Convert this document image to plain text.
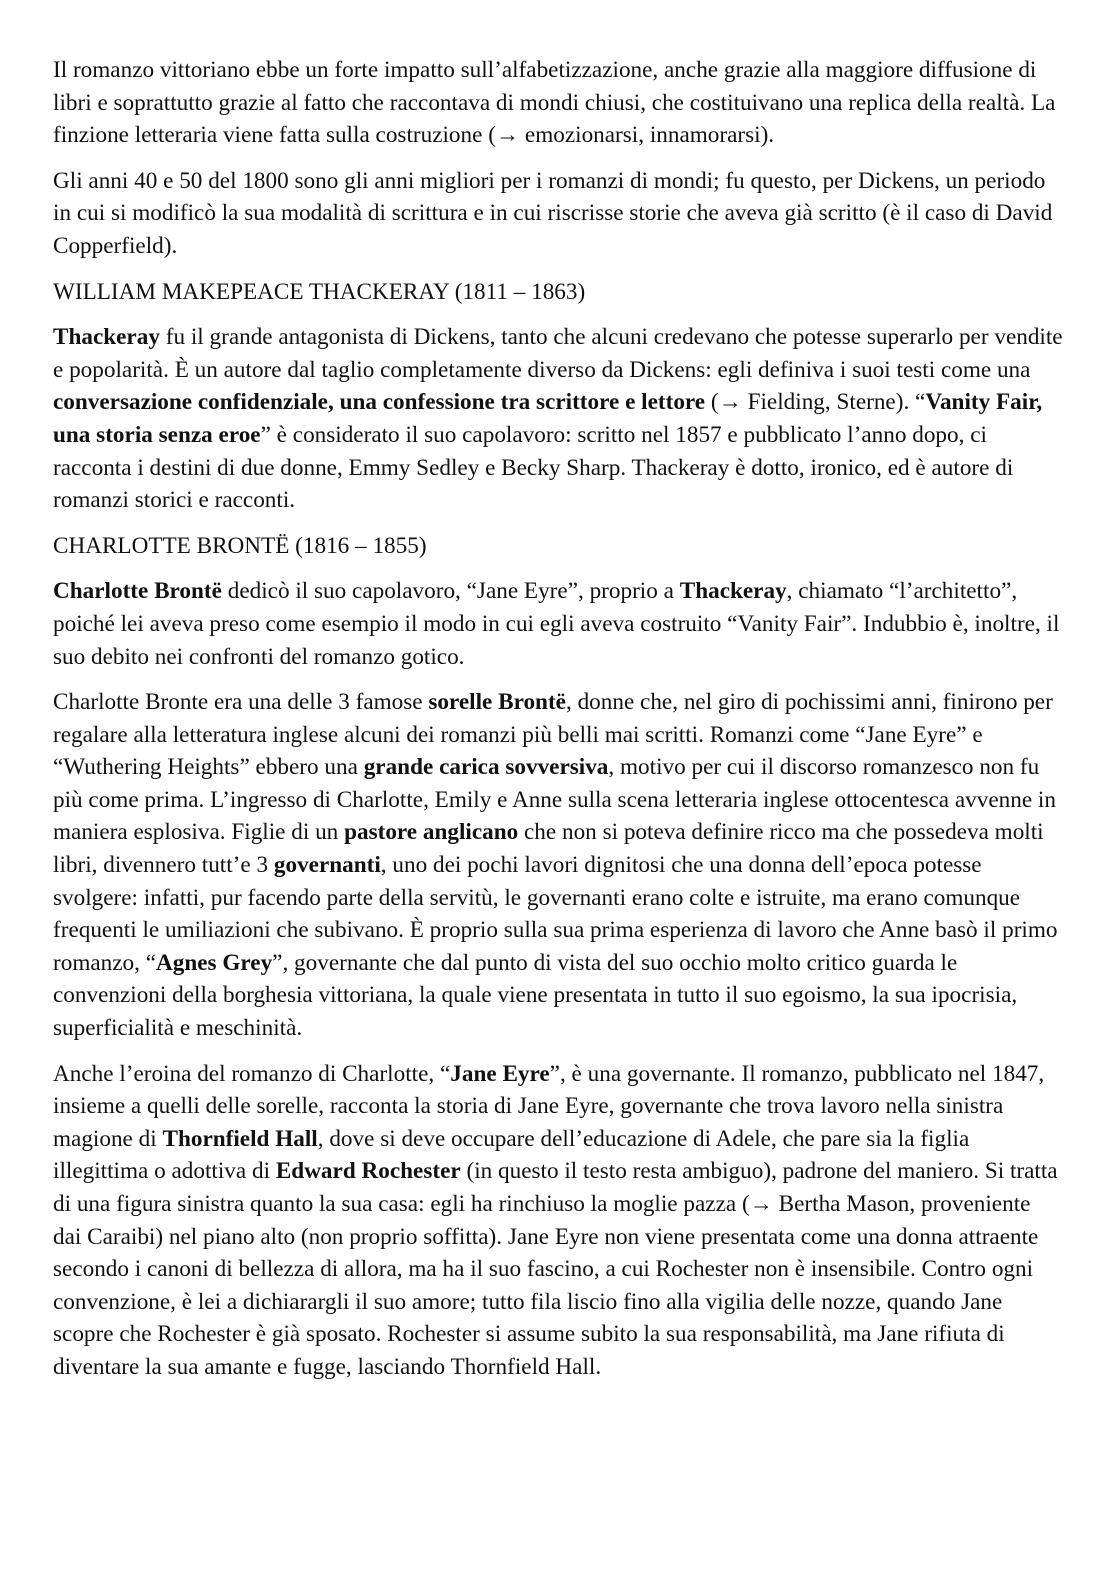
Il romanzo vittoriano ebbe un forte impatto sull’alfabetizzazione, anche grazie alla maggiore diffusione di libri e soprattutto grazie al fatto che raccontava di mondi chiusi, che costituivano una replica della realtà. La finzione letteraria viene fatta sulla costruzione (→ emozionarsi, innamorarsi).

Gli anni 40 e 50 del 1800 sono gli anni migliori per i romanzi di mondi; fu questo, per Dickens, un periodo in cui si modificò la sua modalità di scrittura e in cui riscrisse storie che aveva già scritto (è il caso di David Copperfield).

WILLIAM MAKEPEACE THACKERAY (1811 – 1863)

Thackeray fu il grande antagonista di Dickens, tanto che alcuni credevano che potesse superarlo per vendite e popolarità. È un autore dal taglio completamente diverso da Dickens: egli definiva i suoi testi come una conversazione confidenziale, una confessione tra scrittore e lettore (→ Fielding, Sterne). “Vanity Fair, una storia senza eroe” è considerato il suo capolavoro: scritto nel 1857 e pubblicato l’anno dopo, ci racconta i destini di due donne, Emmy Sedley e Becky Sharp. Thackeray è dotto, ironico, ed è autore di romanzi storici e racconti.

CHARLOTTE BRONTË (1816 – 1855)

Charlotte Brontë dedicò il suo capolavoro, “Jane Eyre”, proprio a Thackeray, chiamato “l’architetto”, poiché lei aveva preso come esempio il modo in cui egli aveva costruito “Vanity Fair”. Indubbio è, inoltre, il suo debito nei confronti del romanzo gotico.

Charlotte Bronte era una delle 3 famose sorelle Brontë, donne che, nel giro di pochissimi anni, finirono per regalare alla letteratura inglese alcuni dei romanzi più belli mai scritti. Romanzi come “Jane Eyre” e “Wuthering Heights” ebbero una grande carica sovversiva, motivo per cui il discorso romanzesco non fu più come prima. L’ingresso di Charlotte, Emily e Anne sulla scena letteraria inglese ottocentesca avvenne in maniera esplosiva. Figlie di un pastore anglicano che non si poteva definire ricco ma che possedeva molti libri, divennero tutt’e 3 governanti, uno dei pochi lavori dignitosi che una donna dell’epoca potesse svolgere: infatti, pur facendo parte della servitù, le governanti erano colte e istruite, ma erano comunque frequenti le umiliazioni che subivano. È proprio sulla sua prima esperienza di lavoro che Anne basò il primo romanzo, “Agnes Grey”, governante che dal punto di vista del suo occhio molto critico guarda le convenzioni della borghesia vittoriana, la quale viene presentata in tutto il suo egoismo, la sua ipocrisia, superficialità e meschinità.

Anche l’eroina del romanzo di Charlotte, “Jane Eyre”, è una governante. Il romanzo, pubblicato nel 1847, insieme a quelli delle sorelle, racconta la storia di Jane Eyre, governante che trova lavoro nella sinistra magione di Thornfield Hall, dove si deve occupare dell’educazione di Adele, che pare sia la figlia illegittima o adottiva di Edward Rochester (in questo il testo resta ambiguo), padrone del maniero. Si tratta di una figura sinistra quanto la sua casa: egli ha rinchiuso la moglie pazza (→ Bertha Mason, proveniente dai Caraibi) nel piano alto (non proprio soffitta). Jane Eyre non viene presentata come una donna attraente secondo i canoni di bellezza di allora, ma ha il suo fascino, a cui Rochester non è insensibile. Contro ogni convenzione, è lei a dichiarargli il suo amore; tutto fila liscio fino alla vigilia delle nozze, quando Jane scopre che Rochester è già sposato. Rochester si assume subito la sua responsabilità, ma Jane rifiuta di diventare la sua amante e fugge, lasciando Thornfield Hall.
